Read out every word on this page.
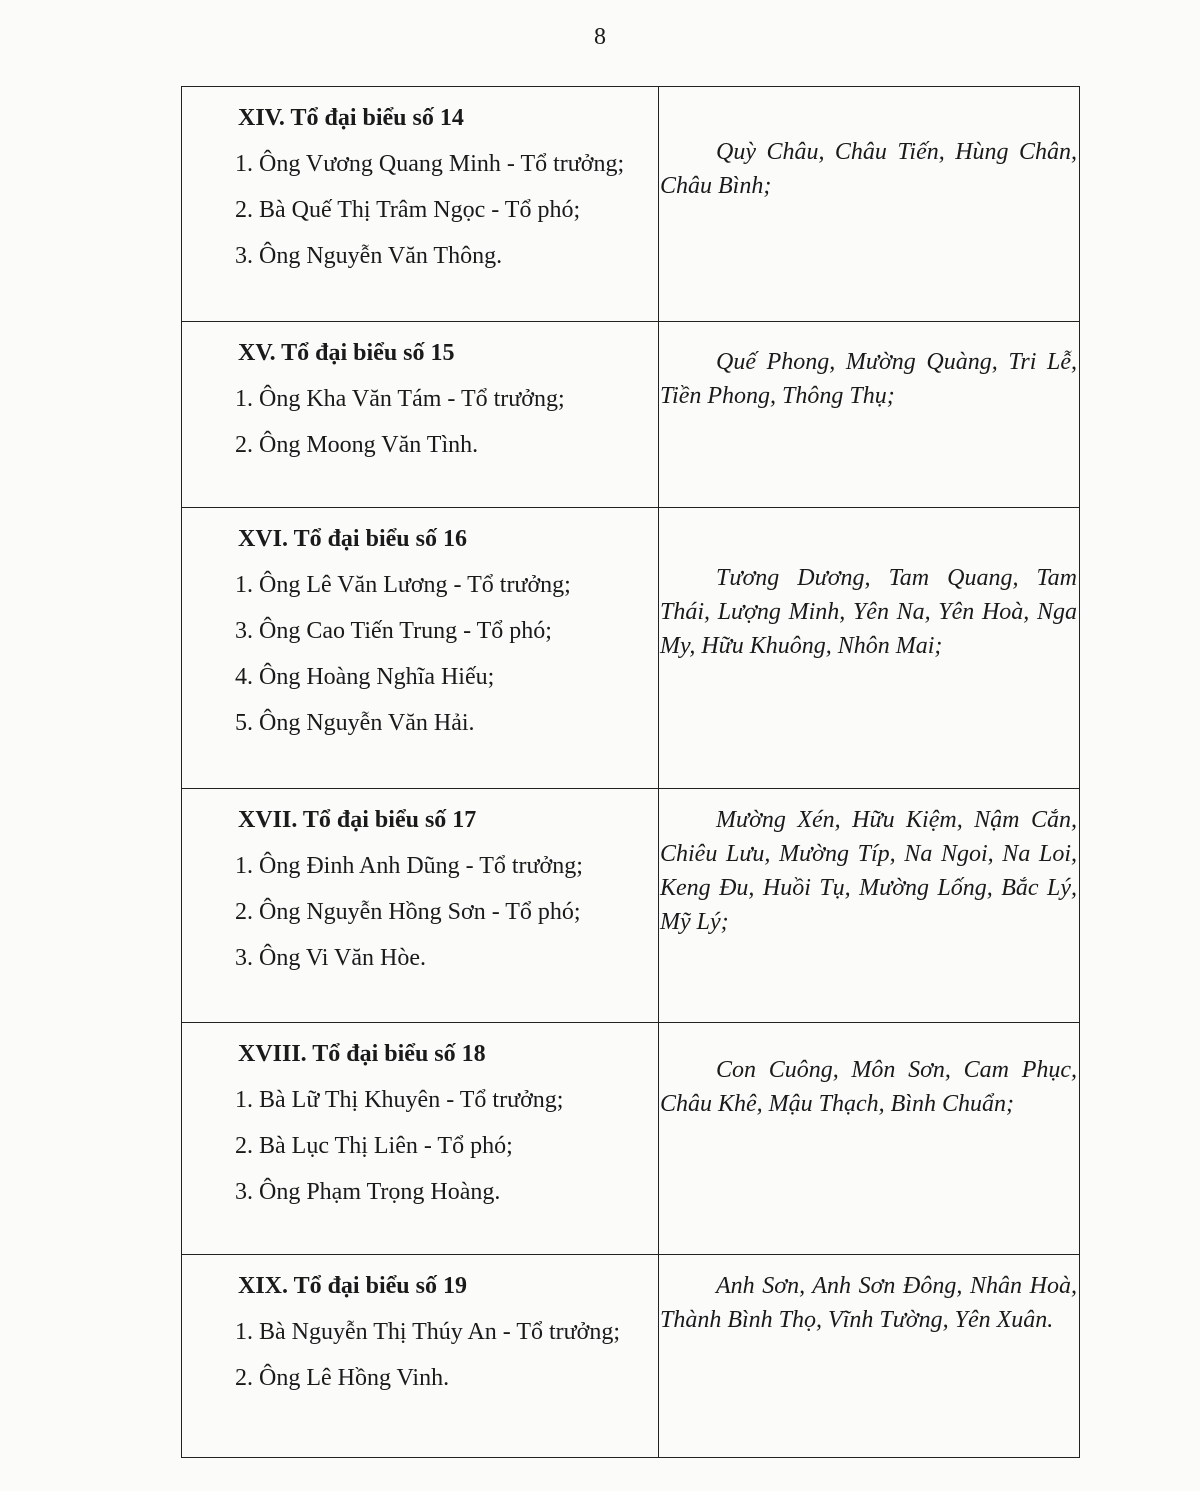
8
XIV. Tổ đại biểu số 14
1. Ông Vương Quang Minh - Tổ trưởng;
2. Bà Quế Thị Trâm Ngọc - Tổ phó;
3. Ông Nguyễn Văn Thông.	Quỳ Châu, Châu Tiến, Hùng Chân, Châu Bình;

XV. Tổ đại biểu số 15
1. Ông Kha Văn Tám - Tổ trưởng;
2. Ông Moong Văn Tình.	Quế Phong, Mường Quàng, Tri Lễ, Tiền Phong, Thông Thụ;

XVI. Tổ đại biểu số 16
1. Ông Lê Văn Lương - Tổ trưởng;
3. Ông Cao Tiến Trung - Tổ phó;
4. Ông Hoàng Nghĩa Hiếu;
5. Ông Nguyễn Văn Hải.	Tương Dương, Tam Quang, Tam Thái, Lượng Minh, Yên Na, Yên Hoà, Nga My, Hữu Khuông, Nhôn Mai;

XVII. Tổ đại biểu số 17
1. Ông Đinh Anh Dũng - Tổ trưởng;
2. Ông Nguyễn Hồng Sơn - Tổ phó;
3. Ông Vi Văn Hòe.	Mường Xén, Hữu Kiệm, Nậm Cắn, Chiêu Lưu, Mường Típ, Na Ngoi, Na Loi, Keng Đu, Huồi Tụ, Mường Lống, Bắc Lý, Mỹ Lý;

XVIII. Tổ đại biểu số 18
1. Bà Lữ Thị Khuyên - Tổ trưởng;
2. Bà Lục Thị Liên - Tổ phó;
3. Ông Phạm Trọng Hoàng.	Con Cuông, Môn Sơn, Cam Phục, Châu Khê, Mậu Thạch, Bình Chuẩn;

XIX. Tổ đại biểu số 19
1. Bà Nguyễn Thị Thúy An - Tổ trưởng;
2. Ông Lê Hồng Vinh.	Anh Sơn, Anh Sơn Đông, Nhân Hoà, Thành Bình Thọ, Vĩnh Tường, Yên Xuân.
